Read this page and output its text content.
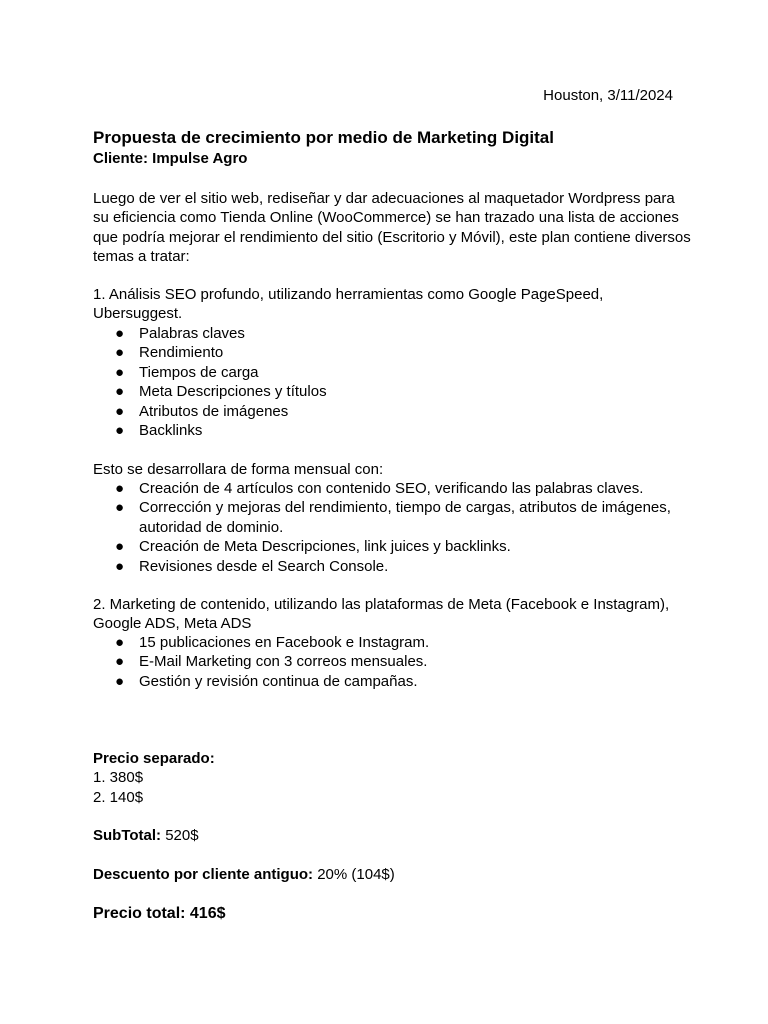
Houston, 3/11/2024
Propuesta de crecimiento por medio de Marketing Digital
Cliente: Impulse Agro
Luego de ver el sitio web, rediseñar y dar adecuaciones al maquetador Wordpress para su eficiencia como Tienda Online (WooCommerce) se han trazado una lista de acciones que podría mejorar el rendimiento del sitio (Escritorio y Móvil), este plan contiene diversos temas a tratar:
1. Análisis SEO profundo, utilizando herramientas como Google PageSpeed, Ubersuggest.
● Palabras claves
● Rendimiento
● Tiempos de carga
● Meta Descripciones y títulos
● Atributos de imágenes
● Backlinks
Esto se desarrollara de forma mensual con:
● Creación de 4 artículos con contenido SEO, verificando las palabras claves.
● Corrección y mejoras del rendimiento, tiempo de cargas, atributos de imágenes, autoridad de dominio.
● Creación de Meta Descripciones, link juices y backlinks.
● Revisiones desde el Search Console.
2. Marketing de contenido, utilizando las plataformas de Meta (Facebook e Instagram), Google ADS, Meta ADS
● 15 publicaciones en Facebook e Instagram.
● E-Mail Marketing con 3 correos mensuales.
● Gestión y revisión continua de campañas.
Precio separado:
1. 380$
2. 140$
SubTotal: 520$
Descuento por cliente antiguo: 20% (104$)
Precio total: 416$
